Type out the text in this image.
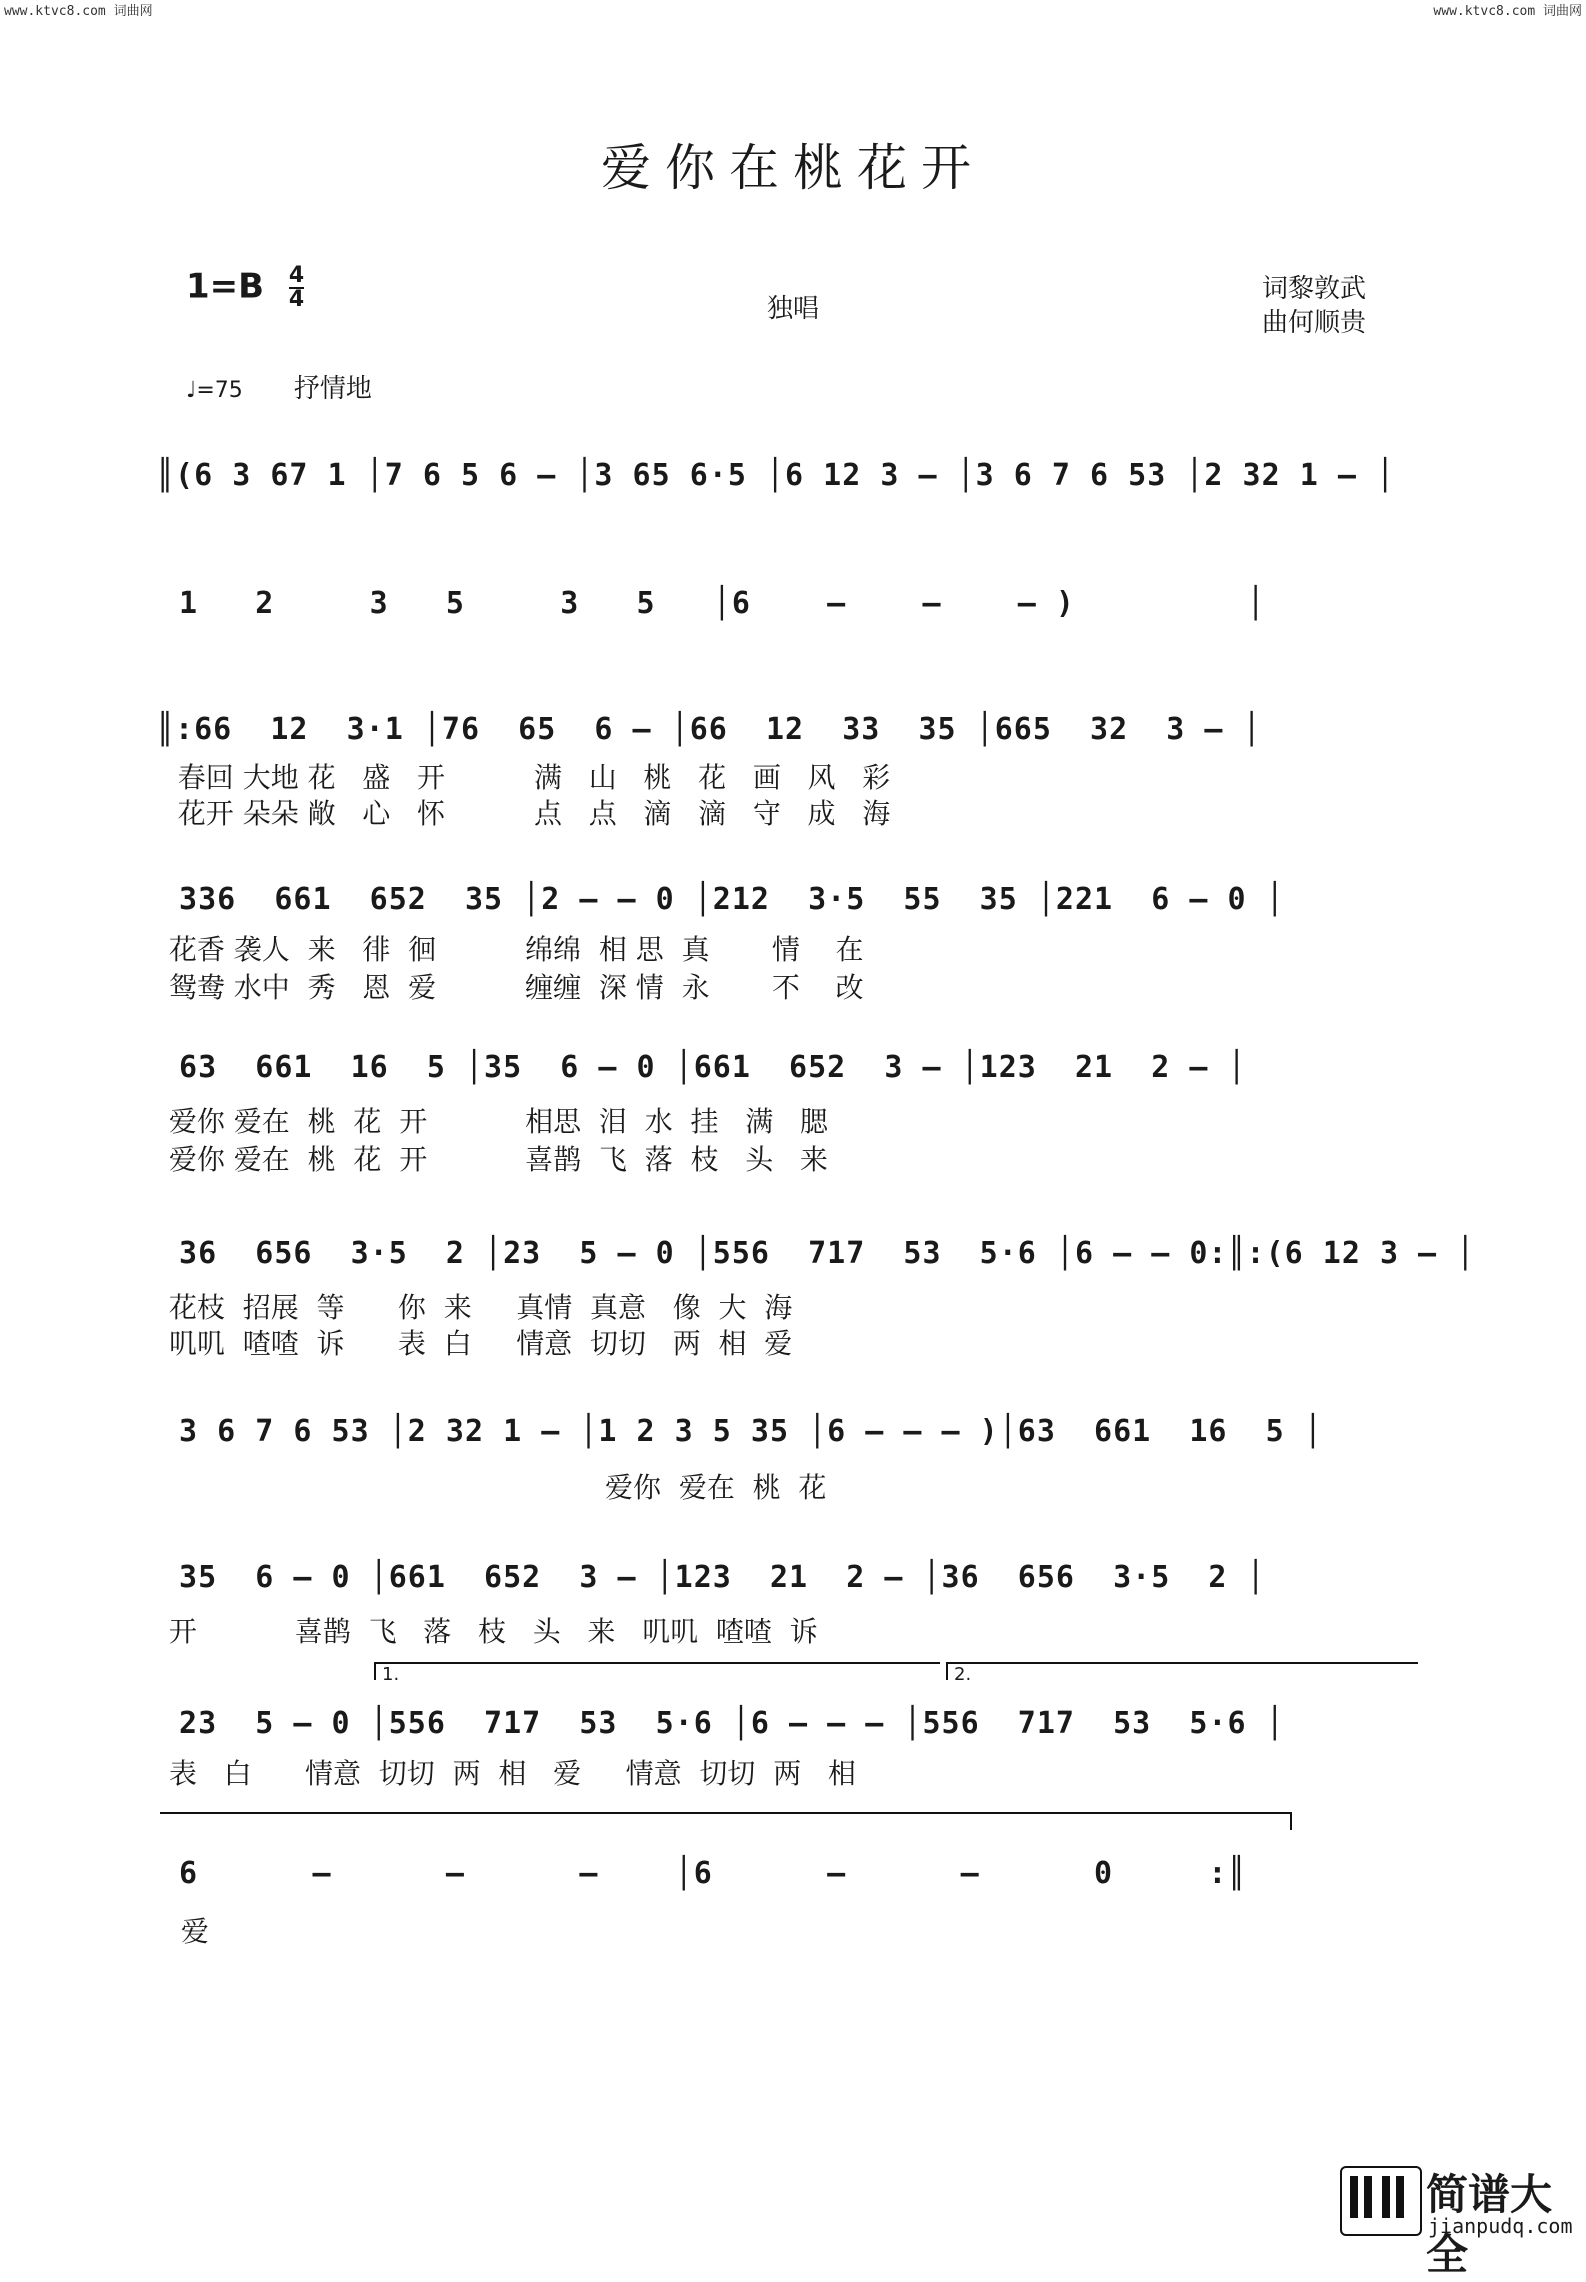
www.ktvc8.com 词曲网	www.ktvc8.com 词曲网
爱你在桃花开
$1=B \frac{4}{4}$	独唱
词黎敦武
曲何顺贵
♩=75 抒情地
║(6 3 67 1 │7 6 5 6 – │3 65 6·5 │6 12 3 – │3 6 7 6 53 │2 32 1 – │
1   2     3   5     3   5   │6    –    –    – )         │
║:66  12  3·1 │76  65  6 – │66  12  33  35 │665  32  3 – │
春回 大地 花   盛   开          满   山   桃   花   画   风   彩
花开 朵朵 敞   心   怀          点   点   滴   滴   守   成   海
336  661  652  35 │2 – – 0 │212  3·5  55  35 │221  6 – 0 │
花香 袭人  来   徘  徊          绵绵  相 思  真       情    在
鸳鸯 水中  秀   恩  爱          缠缠  深 情  永       不    改
63  661  16  5 │35  6 – 0 │661  652  3 – │123  21  2 – │
爱你 爱在  桃  花  开           相思  泪  水  挂   满   腮
爱你 爱在  桃  花  开           喜鹊  飞  落  枝   头   来
36  656  3·5  2 │23  5 – 0 │556  717  53  5·6 │6 – – 0:║:(6 12 3 – │
花枝  招展  等      你  来     真情  真意   像  大  海
叽叽  喳喳  诉      表  白     情意  切切   两  相  爱
3 6 7 6 53 │2 32 1 – │1 2 3 5 35 │6 – – – )│63  661  16  5 │
爱你  爱在  桃  花
35  6 – 0 │661  652  3 – │123  21  2 – │36  656  3·5  2 │
开           喜鹊  飞   落   枝   头   来   叽叽  喳喳  诉
1.	2.
23  5 – 0 │556  717  53  5·6 │6 – – – │556  717  53  5·6 │
表   白      情意  切切  两  相   爱     情意  切切  两   相
6      –      –      –    │6      –      –      0     :║
爱
简谱大全
jianpudq.com
